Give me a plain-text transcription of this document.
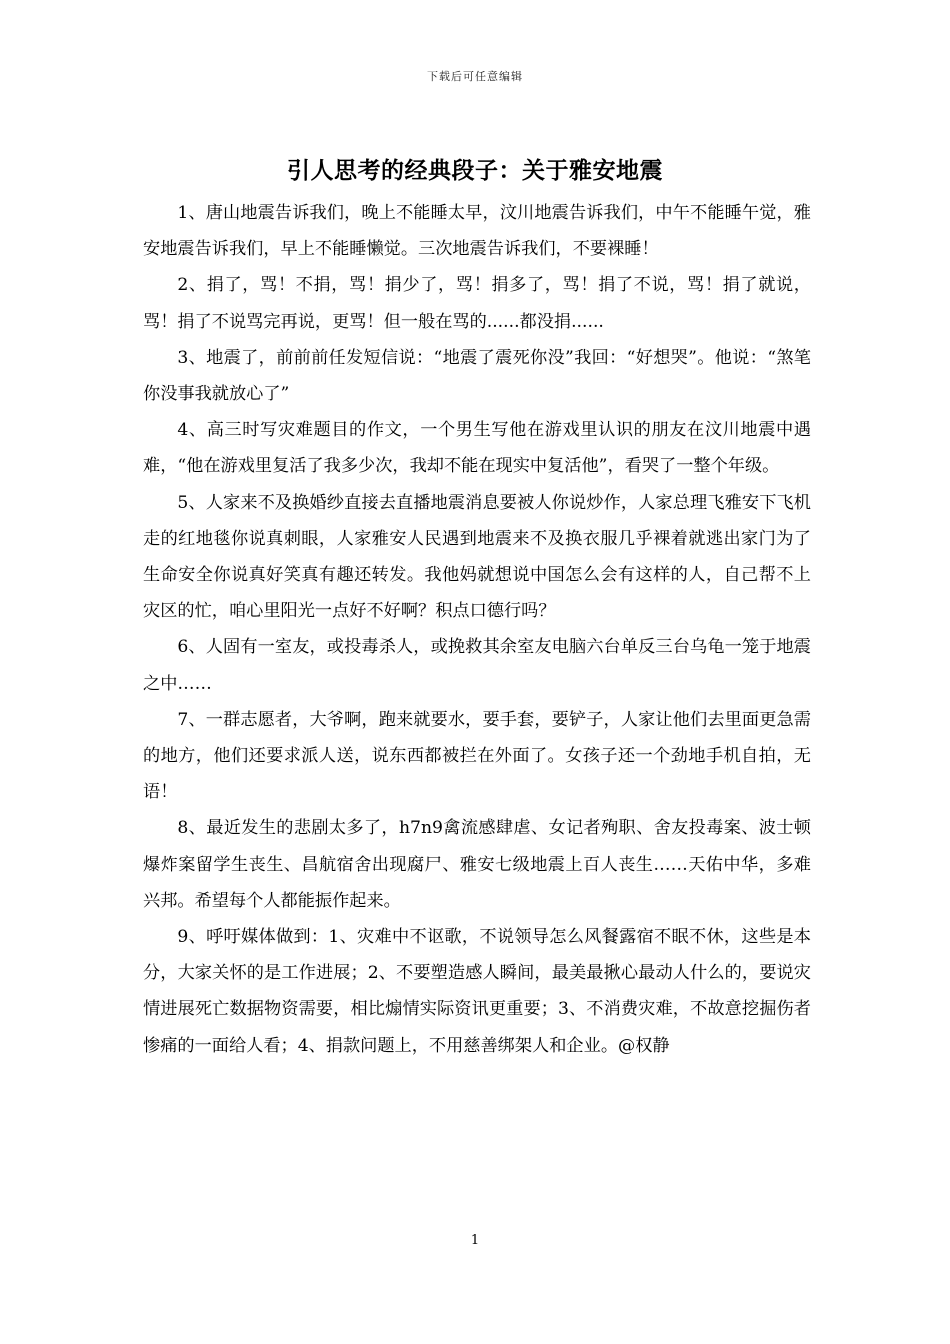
下载后可任意编辑
引人思考的经典段子：关于雅安地震

1、唐山地震告诉我们，晚上不能睡太早，汶川地震告诉我们，中午不能睡午觉，雅安地震告诉我们，早上不能睡懒觉。三次地震告诉我们，不要裸睡！

2、捐了，骂！不捐，骂！捐少了，骂！捐多了，骂！捐了不说，骂！捐了就说，骂！捐了不说骂完再说，更骂！但一般在骂的......都没捐......

3、地震了，前前前任发短信说：“地震了震死你没”我回：“好想哭”。他说：“煞笔你没事我就放心了”

4、高三时写灾难题目的作文，一个男生写他在游戏里认识的朋友在汶川地震中遇难，“他在游戏里复活了我多少次，我却不能在现实中复活他”，看哭了一整个年级。

5、人家来不及换婚纱直接去直播地震消息要被人你说炒作，人家总理飞雅安下飞机走的红地毯你说真刺眼，人家雅安人民遇到地震来不及换衣服几乎裸着就逃出家门为了生命安全你说真好笑真有趣还转发。我他妈就想说中国怎么会有这样的人，自己帮不上灾区的忙，咱心里阳光一点好不好啊？积点口德行吗？

6、人固有一室友，或投毒杀人，或挽救其余室友电脑六台单反三台乌龟一笼于地震之中……

7、一群志愿者，大爷啊，跑来就要水，要手套，要铲子，人家让他们去里面更急需的地方，他们还要求派人送，说东西都被拦在外面了。女孩子还一个劲地手机自拍，无语！

8、最近发生的悲剧太多了，h7n9禽流感肆虐、女记者殉职、舍友投毒案、波士顿爆炸案留学生丧生、昌航宿舍出现腐尸、雅安七级地震上百人丧生……天佑中华，多难兴邦。希望每个人都能振作起来。

9、呼吁媒体做到：1、灾难中不讴歌，不说领导怎么风餐露宿不眠不休，这些是本分，大家关怀的是工作进展；2、不要塑造感人瞬间，最美最揪心最动人什么的，要说灾情进展死亡数据物资需要，相比煽情实际资讯更重要；3、不消费灾难，不故意挖掘伤者惨痛的一面给人看；4、捐款问题上，不用慈善绑架人和企业。@权静

1
